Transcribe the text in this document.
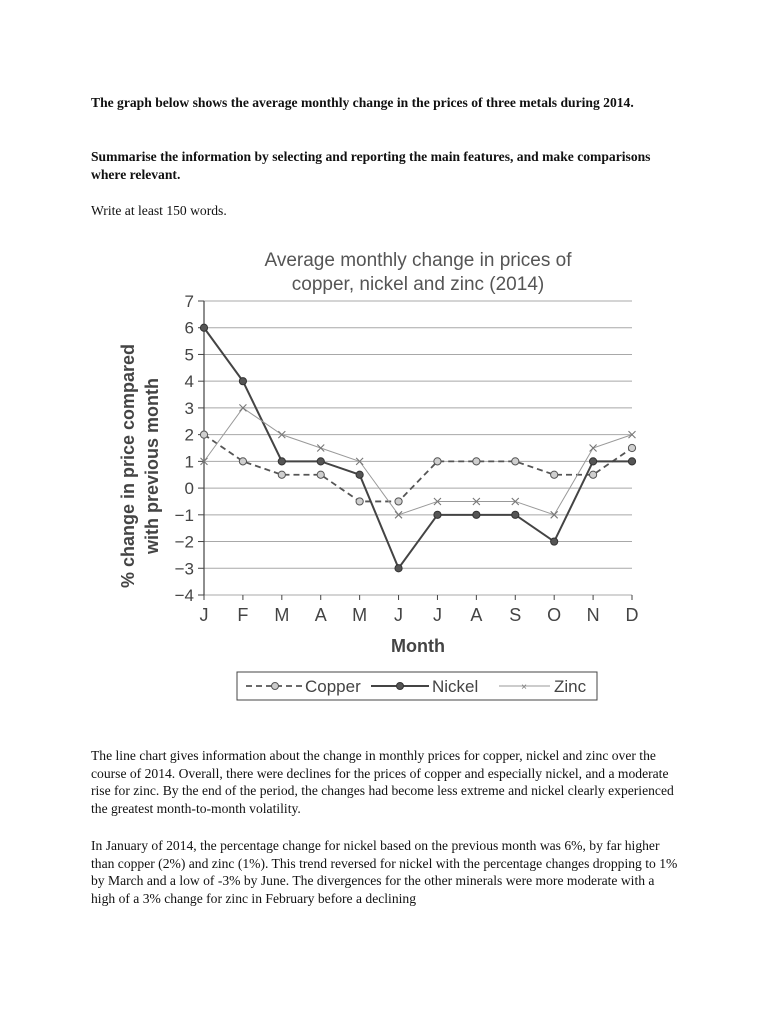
The graph below shows the average monthly change in the prices of three metals during 2014.

Summarise the information by selecting and reporting the main features, and make comparisons where relevant.

Write at least 150 words.

Average monthly change in prices of
copper, nickel and zinc (2014)
% change in price compared with previous month
7
6
5
4
3
2
1
0
−1
−2
−3
−4
J F M A M J J A S O N D
Month
Copper	Nickel	× Zinc

The line chart gives information about the change in monthly prices for copper, nickel and zinc over the course of 2014. Overall, there were declines for the prices of copper and especially nickel, and a moderate rise for zinc. By the end of the period, the changes had become less extreme and nickel clearly experienced the greatest month-to-month volatility.

In January of 2014, the percentage change for nickel based on the previous month was 6%, by far higher than copper (2%) and zinc (1%). This trend reversed for nickel with the percentage changes dropping to 1% by March and a low of -3% by June. The divergences for the other minerals were more moderate with a high of a 3% change for zinc in February before a declining
